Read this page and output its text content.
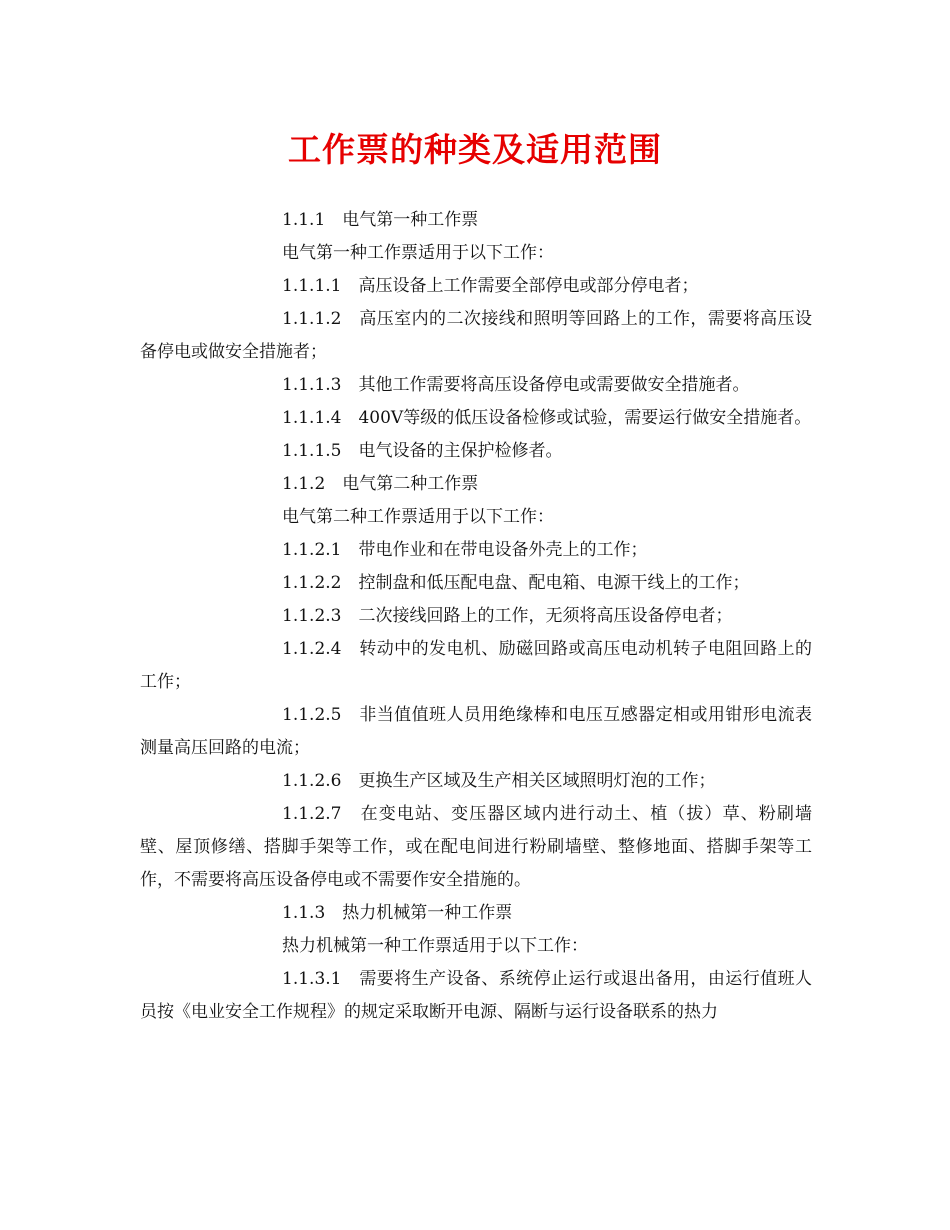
工作票的种类及适用范围

1.1.1　电气第一种工作票

电气第一种工作票适用于以下工作：

1.1.1.1　高压设备上工作需要全部停电或部分停电者；

1.1.1.2　高压室内的二次接线和照明等回路上的工作，需要将高压设备停电或做安全措施者；

1.1.1.3　其他工作需要将高压设备停电或需要做安全措施者。

1.1.1.4　400V等级的低压设备检修或试验，需要运行做安全措施者。

1.1.1.5　电气设备的主保护检修者。

1.1.2　电气第二种工作票

电气第二种工作票适用于以下工作：

1.1.2.1　带电作业和在带电设备外壳上的工作；

1.1.2.2　控制盘和低压配电盘、配电箱、电源干线上的工作；

1.1.2.3　二次接线回路上的工作，无须将高压设备停电者；

1.1.2.4　转动中的发电机、励磁回路或高压电动机转子电阻回路上的工作；

1.1.2.5　非当值值班人员用绝缘棒和电压互感器定相或用钳形电流表测量高压回路的电流；

1.1.2.6　更换生产区域及生产相关区域照明灯泡的工作；

1.1.2.7　在变电站、变压器区域内进行动土、植（拔）草、粉刷墙壁、屋顶修缮、搭脚手架等工作，或在配电间进行粉刷墙壁、整修地面、搭脚手架等工作，不需要将高压设备停电或不需要作安全措施的。

1.1.3　热力机械第一种工作票

热力机械第一种工作票适用于以下工作：

1.1.3.1　需要将生产设备、系统停止运行或退出备用，由运行值班人员按《电业安全工作规程》的规定采取断开电源、隔断与运行设备联系的热力
